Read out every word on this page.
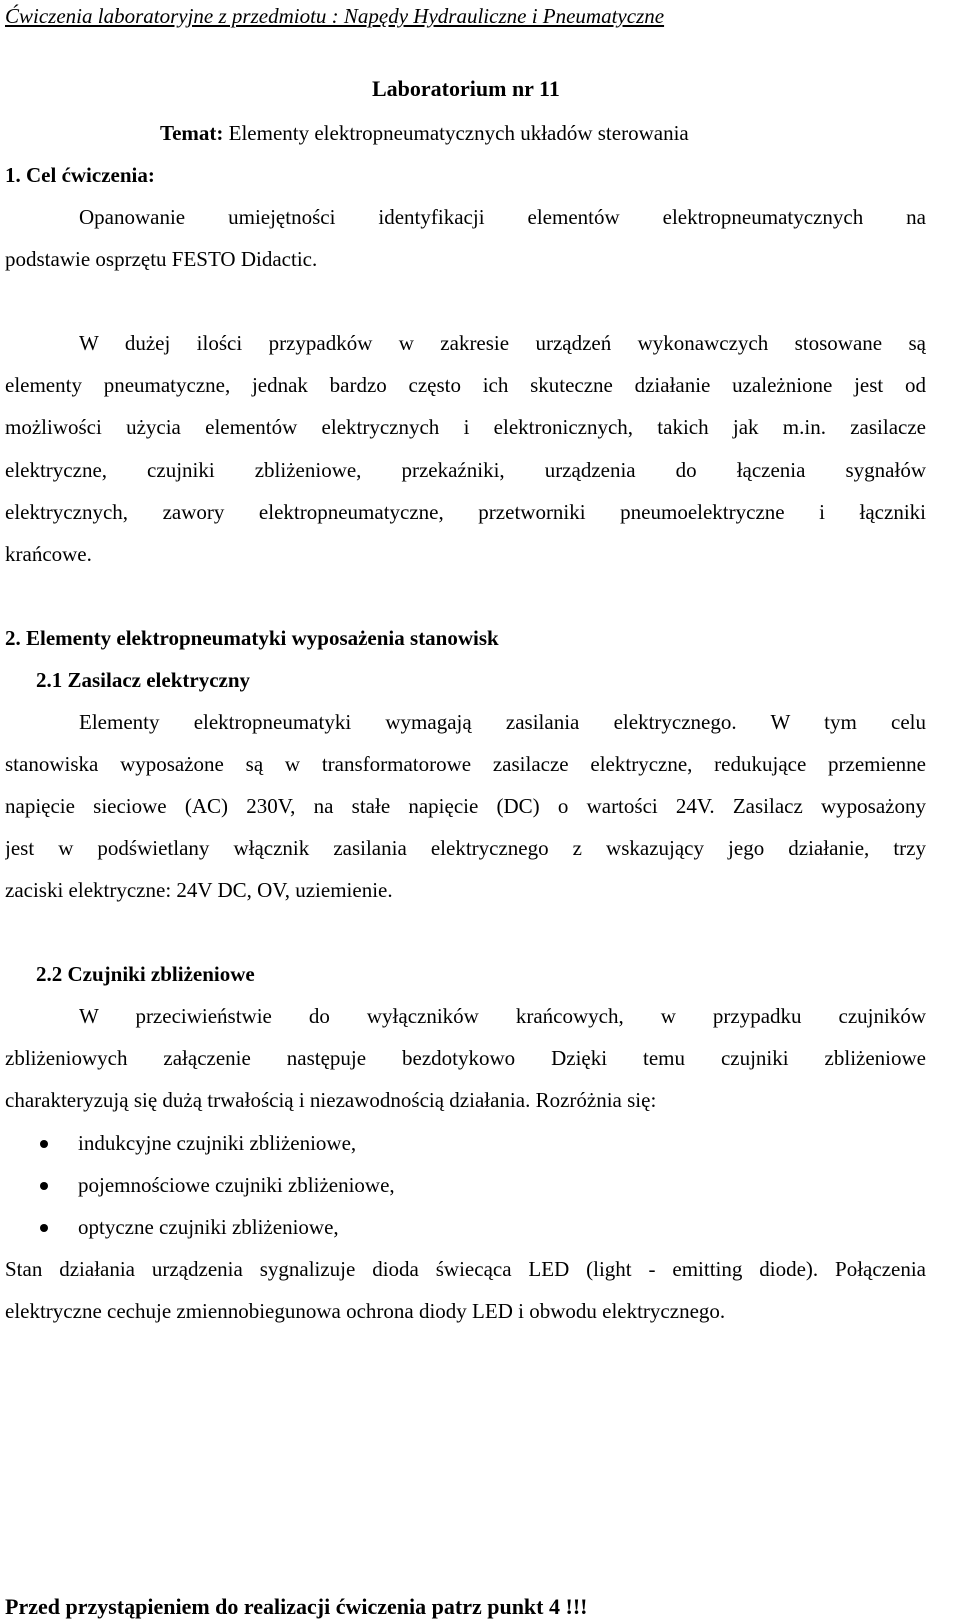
Ćwiczenia laboratoryjne z przedmiotu : Napędy Hydrauliczne i Pneumatyczne
Laboratorium nr 11
Temat: Elementy elektropneumatycznych układów sterowania
1. Cel ćwiczenia:
Opanowanie umiejętności identyfikacji elementów elektropneumatycznych na
podstawie osprzętu FESTO Didactic.
W dużej ilości przypadków w zakresie urządzeń wykonawczych stosowane są
elementy pneumatyczne, jednak bardzo często ich skuteczne działanie uzależnione jest od
możliwości użycia elementów elektrycznych i elektronicznych, takich jak m.in. zasilacze
elektryczne, czujniki zbliżeniowe, przekaźniki, urządzenia do łączenia sygnałów
elektrycznych, zawory elektropneumatyczne, przetworniki pneumoelektryczne i łączniki
krańcowe.
2. Elementy elektropneumatyki wyposażenia stanowisk
2.1 Zasilacz elektryczny
Elementy elektropneumatyki wymagają zasilania elektrycznego. W tym celu
stanowiska wyposażone są w transformatorowe zasilacze elektryczne, redukujące przemienne
napięcie sieciowe (AC) 230V, na stałe napięcie (DC) o wartości 24V. Zasilacz wyposażony
jest w podświetlany włącznik zasilania elektrycznego z wskazujący jego działanie, trzy
zaciski elektryczne: 24V DC, OV, uziemienie.
2.2 Czujniki zbliżeniowe
W przeciwieństwie do wyłączników krańcowych, w przypadku czujników
zbliżeniowych załączenie następuje bezdotykowo Dzięki temu czujniki zbliżeniowe
charakteryzują się dużą trwałością i niezawodnością działania. Rozróżnia się:
indukcyjne czujniki zbliżeniowe,
pojemnościowe czujniki zbliżeniowe,
optyczne czujniki zbliżeniowe,
Stan działania urządzenia sygnalizuje dioda świecąca LED (light - emitting diode). Połączenia
elektryczne cechuje zmiennobiegunowa ochrona diody LED i obwodu elektrycznego.
Przed przystąpieniem do realizacji ćwiczenia patrz punkt 4 !!!
